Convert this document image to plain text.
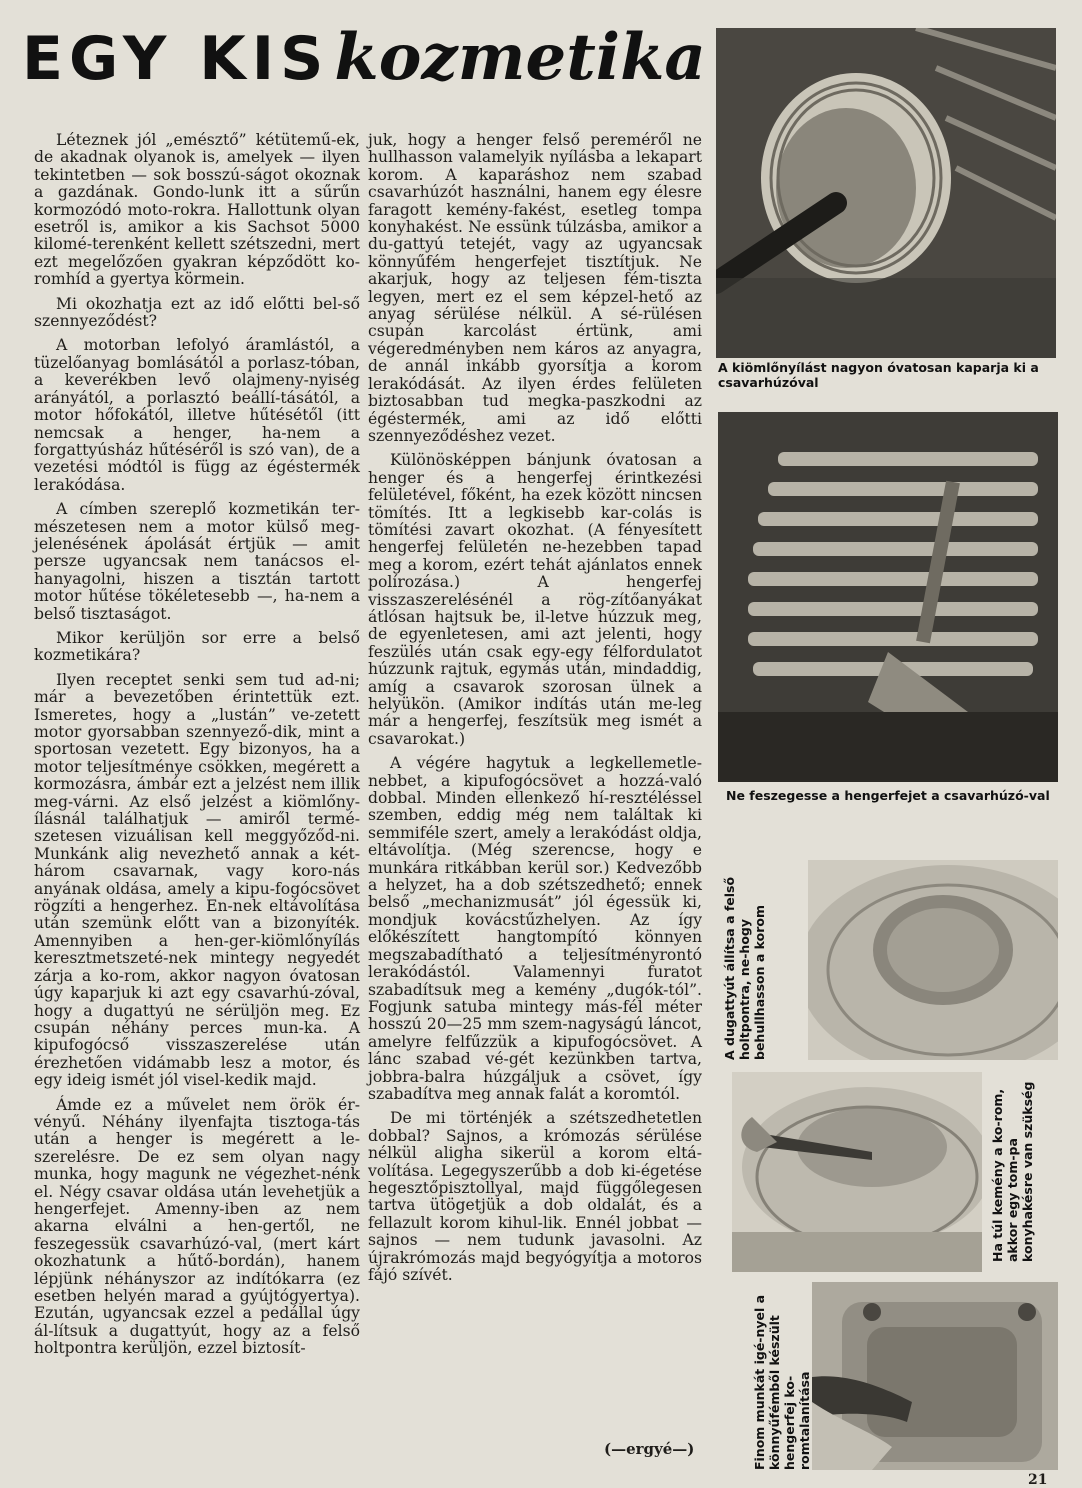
EGY KIS kozmetika

Léteznek jól „emésztő” kétütemű-ek, de akadnak olyanok is, amelyek — ilyen tekintetben — sok bosszú-ságot okoznak a gazdának. Gondo-lunk itt a sűrűn kormozódó moto-rokra. Hallottunk olyan esetről is, amikor a kis Sachsot 5000 kilomé-terenként kellett szétszedni, mert ezt megelőzően gyakran képződött ko-romhíd a gyertya körmein.

Mi okozhatja ezt az idő előtti bel-ső szennyeződést?

A motorban lefolyó áramlástól, a tüzelőanyag bomlásától a porlasz-tóban, a keverékben levő olajmeny-nyiség arányától, a porlasztó beállí-tásától, a motor hőfokától, illetve hűtésétől (itt nemcsak a henger, ha-nem a forgattyúsház hűtéséről is szó van), de a vezetési módtól is függ az égéstermék lerakódása.

A címben szereplő kozmetikán ter-mészetesen nem a motor külső meg-jelenésének ápolását értjük — amit persze ugyancsak nem tanácsos el-hanyagolni, hiszen a tisztán tartott motor hűtése tökéletesebb —, ha-nem a belső tisztaságot.

Mikor kerüljön sor erre a belső kozmetikára?

Ilyen receptet senki sem tud ad-ni; már a bevezetőben érintettük ezt. Ismeretes, hogy a „lustán” ve-zetett motor gyorsabban szennyező-dik, mint a sportosan vezetett. Egy bizonyos, ha a motor teljesítménye csökken, megérett a kormozásra, ámbár ezt a jelzést nem illik meg-várni. Az első jelzést a kiömlőny-ílásnál találhatjuk — amiről termé-szetesen vizuálisan kell meggyőződ-ni. Munkánk alig nevezhető annak a két-három csavarnak, vagy koro-nás anyának oldása, amely a kipu-fogócsövet rögzíti a hengerhez. En-nek eltávolítása után szemünk előtt van a bizonyíték. Amennyiben a hen-ger-kiömlőnyílás keresztmetszeté-nek mintegy negyedét zárja a ko-rom, akkor nagyon óvatosan úgy kaparjuk ki azt egy csavarhú-zóval, hogy a dugattyú ne sérüljön meg. Ez csupán néhány perces mun-ka. A kipufogócső visszaszerelése után érezhetően vidámabb lesz a motor, és egy ideig ismét jól visel-kedik majd.

Ámde ez a művelet nem örök ér-vényű. Néhány ilyenfajta tisztoga-tás után a henger is megérett a le-szerelésre. De ez sem olyan nagy munka, hogy magunk ne végezhet-nénk el. Négy csavar oldása után levehetjük a hengerfejet. Amenny-iben az nem akarna elválni a hen-gertől, ne feszegessük csavarhúzó-val, (mert kárt okozhatunk a hűtő-bordán), hanem lépjünk néhányszor az indítókarra (ez esetben helyén marad a gyújtógyertya). Ezután, ugyancsak ezzel a pedállal úgy ál-lítsuk a dugattyút, hogy az a felső holtpontra kerüljön, ezzel biztosít-

juk, hogy a henger felső pereméről ne hullhasson valamelyik nyílásba a lekapart korom. A kaparáshoz nem szabad csavarhúzót használni, hanem egy élesre faragott kemény-fakést, esetleg tompa konyhakést. Ne essünk túlzásba, amikor a du-gattyú tetejét, vagy az ugyancsak könnyűfém hengerfejet tisztítjuk. Ne akarjuk, hogy az teljesen fém-tiszta legyen, mert ez el sem képzel-hető az anyag sérülése nélkül. A sé-rülésen csupán karcolást értünk, ami végeredményben nem káros az anyagra, de annál inkább gyorsítja a korom lerakódását. Az ilyen érdes felületen biztosabban tud megka-paszkodni az égéstermék, ami az idő előtti szennyeződéshez vezet.

Különösképpen bánjunk óvatosan a henger és a hengerfej érintkezési felületével, főként, ha ezek között nincsen tömítés. Itt a legkisebb kar-colás is tömítési zavart okozhat. (A fényesített hengerfej felületén ne-hezebben tapad meg a korom, ezért tehát ajánlatos ennek polírozása.) A hengerfej visszaszerelésénél a rög-zítőanyákat átlósan hajtsuk be, il-letve húzzuk meg, de egyenletesen, ami azt jelenti, hogy feszülés után csak egy-egy félfordulatot húzzunk rajtuk, egymás után, mindaddig, amíg a csavarok szorosan ülnek a helyükön. (Amikor indítás után me-leg már a hengerfej, feszítsük meg ismét a csavarokat.)

A végére hagytuk a legkellemetle-nebbet, a kipufogócsövet a hozzá-való dobbal. Minden ellenkező hí-resztéléssel szemben, eddig még nem találtak ki semmiféle szert, amely a lerakódást oldja, eltávolítja. (Még szerencse, hogy e munkára ritkábban kerül sor.) Kedvezőbb a helyzet, ha a dob szétszedhető; ennek belső „mechanizmusát” jól égessük ki, mondjuk kovácstűzhelyen. Az így előkészített hangtompító könnyen megszabadítható a teljesítményrontó lerakódástól. Valamennyi furatot szabadítsuk meg a kemény „dugók-tól”. Fogjunk satuba mintegy más-fél méter hosszú 20—25 mm szem-nagyságú láncot, amelyre felfűzzük a kipufogócsövet. A lánc szabad vé-gét kezünkben tartva, jobbra-balra húzgáljuk a csövet, így szabadítva meg annak falát a koromtól.

De mi történjék a szétszedhetetlen dobbal? Sajnos, a krómozás sérülése nélkül aligha sikerül a korom eltá-volítása. Legegyszerűbb a dob ki-égetése hegesztőpisztollyal, majd függőlegesen tartva ütögetjük a dob oldalát, és a fellazult korom kihul-lik. Ennél jobbat — sajnos — nem tudunk javasolni. Az újrakrómozás majd begyógyítja a motoros fájó szívét.

(—ergyé—)
A kiömlőnyílást nagyon óvatosan kaparja ki a csavarhúzóval
Ne feszegesse a hengerfejet a csavarhúzó-val
A dugattyút állítsa a felső holtpontra, ne-hogy behullhasson a korom
Ha túl kemény a ko-rom, akkor egy tom-pa konyhakésre van szükség
Finom munkát igé-nyel a könnyűfémből készült hengerfej ko-romtalanítása
21
